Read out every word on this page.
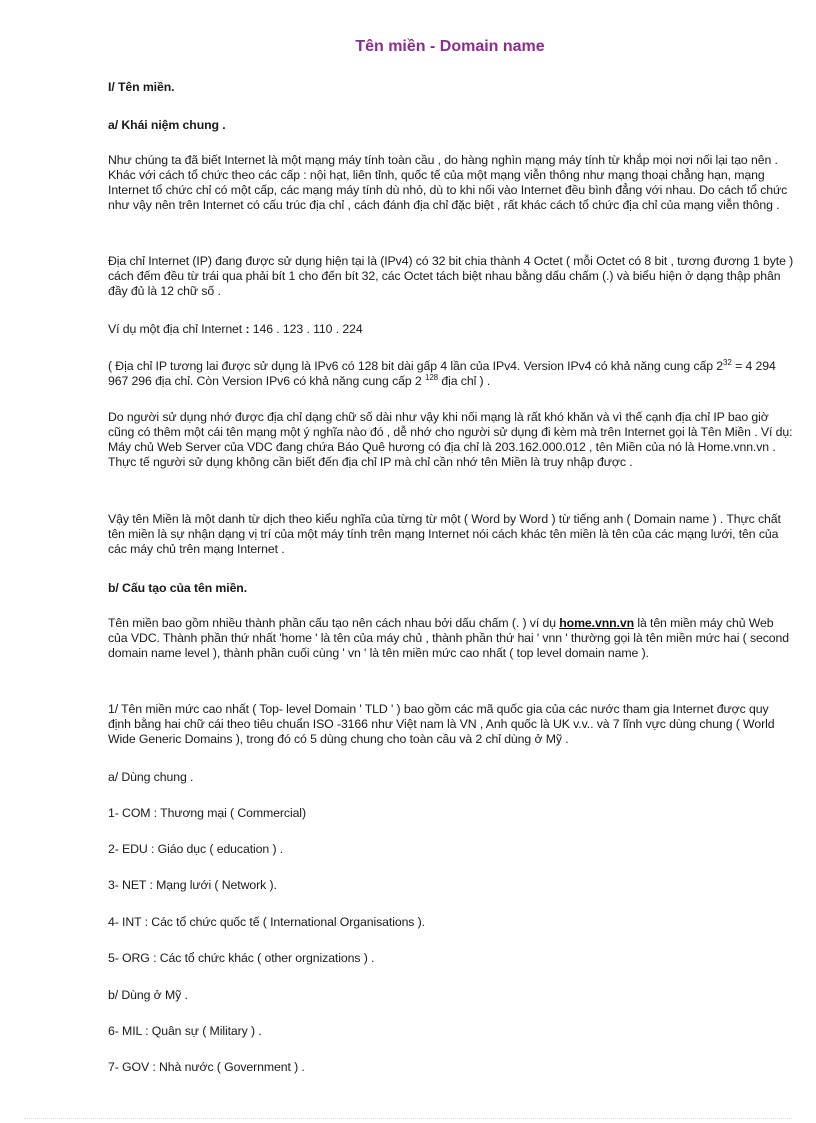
Tên miền - Domain name
I/ Tên miền.
a/ Khái niệm chung .
Như chúng ta đã biết Internet là một mạng máy tính toàn cầu , do hàng nghìn mạng máy tính từ khắp mọi nơi nối lại tạo nên . Khác với cách tổ chức theo các cấp : nội hạt, liên tỉnh, quốc tế của một mạng viễn thông như mạng thoại chẳng hạn, mạng Internet tổ chức chỉ có một cấp, các mạng máy tính dù nhỏ, dù to khi nối vào Internet đều bình đẳng với nhau. Do cách tổ chức như vậy nên trên Internet có cấu trúc địa chỉ , cách đánh địa chỉ đặc biệt , rất khác cách tổ chức địa chỉ của mạng viễn thông .
Địa chỉ Internet (IP) đang được sử dụng hiện tại là (IPv4) có 32 bit chia thành 4 Octet ( mỗi Octet có 8 bit , tương đương 1 byte ) cách đếm đều từ trái qua phải bít 1 cho đến bít 32, các Octet tách biệt nhau bằng dấu chấm (.) và biểu hiện ở dạng thập phân đầy đủ là 12 chữ số .
Ví dụ một địa chỉ Internet : 146 . 123 . 110 . 224
( Địa chỉ IP tương lai được sử dụng là IPv6 có 128 bit dài gấp 4 lần của IPv4. Version IPv4 có khả năng cung cấp $2^{32} = 4$ 294 967 296 địa chỉ. Còn Version IPv6 có khả năng cung cấp 2 $^{128}$ địa chỉ ) .
Do người sử dụng nhớ được địa chỉ dạng chữ số dài như vậy khi nối mạng là rất khó khăn và vì thế cạnh địa chỉ IP bao giờ cũng có thêm một cái tên mạng một ý nghĩa nào đó , dễ nhớ cho người sử dụng đi kèm mà trên Internet gọi là Tên Miền . Ví dụ: Máy chủ Web Server của VDC đang chứa Báo Quê hương có địa chỉ là 203.162.000.012 , tên Miền của nó là Home.vnn.vn . Thực tế người sử dụng không cần biết đến địa chỉ IP mà chỉ cần nhớ tên Miền là truy nhập được .
Vậy tên Miền là một danh từ dịch theo kiểu nghĩa của từng từ một ( Word by Word ) từ tiếng anh ( Domain name ) . Thực chất tên miền là sự nhận dạng vị trí của một máy tính trên mạng Internet nói cách khác tên miền là tên của các mạng lưới, tên của các máy chủ trên mạng Internet .
b/ Cấu tạo của tên miền.
Tên miền bao gồm nhiều thành phần cấu tạo nên cách nhau bởi dấu chấm (. ) ví dụ home.vnn.vn là tên miền máy chủ Web của VDC. Thành phần thứ nhất 'home ' là tên của máy chủ , thành phần thứ hai ' vnn ' thường gọi là tên miền mức hai ( second domain name level ), thành phần cuối cùng ' vn ' là tên miền mức cao nhất ( top level domain name ).
1/ Tên miền mức cao nhất ( Top- level Domain ' TLD ' ) bao gồm các mã quốc gia của các nước tham gia Internet được quy định bằng hai chữ cái theo tiêu chuẩn ISO -3166 như Việt nam là VN , Anh quốc là UK v.v.. và 7 lĩnh vực dùng chung ( World Wide Generic Domains ), trong đó có 5 dùng chung cho toàn cầu và 2 chỉ dùng ở Mỹ .
a/ Dùng chung .
1- COM : Thương mại ( Commercial)
2- EDU : Giáo dục ( education ) .
3- NET : Mạng lưới ( Network ).
4- INT : Các tổ chức quốc tế ( International Organisations ).
5- ORG : Các tổ chức khác ( other orgnizations ) .
b/ Dùng ở Mỹ .
6- MIL : Quân sự ( Military ) .
7- GOV : Nhà nước ( Government ) .
